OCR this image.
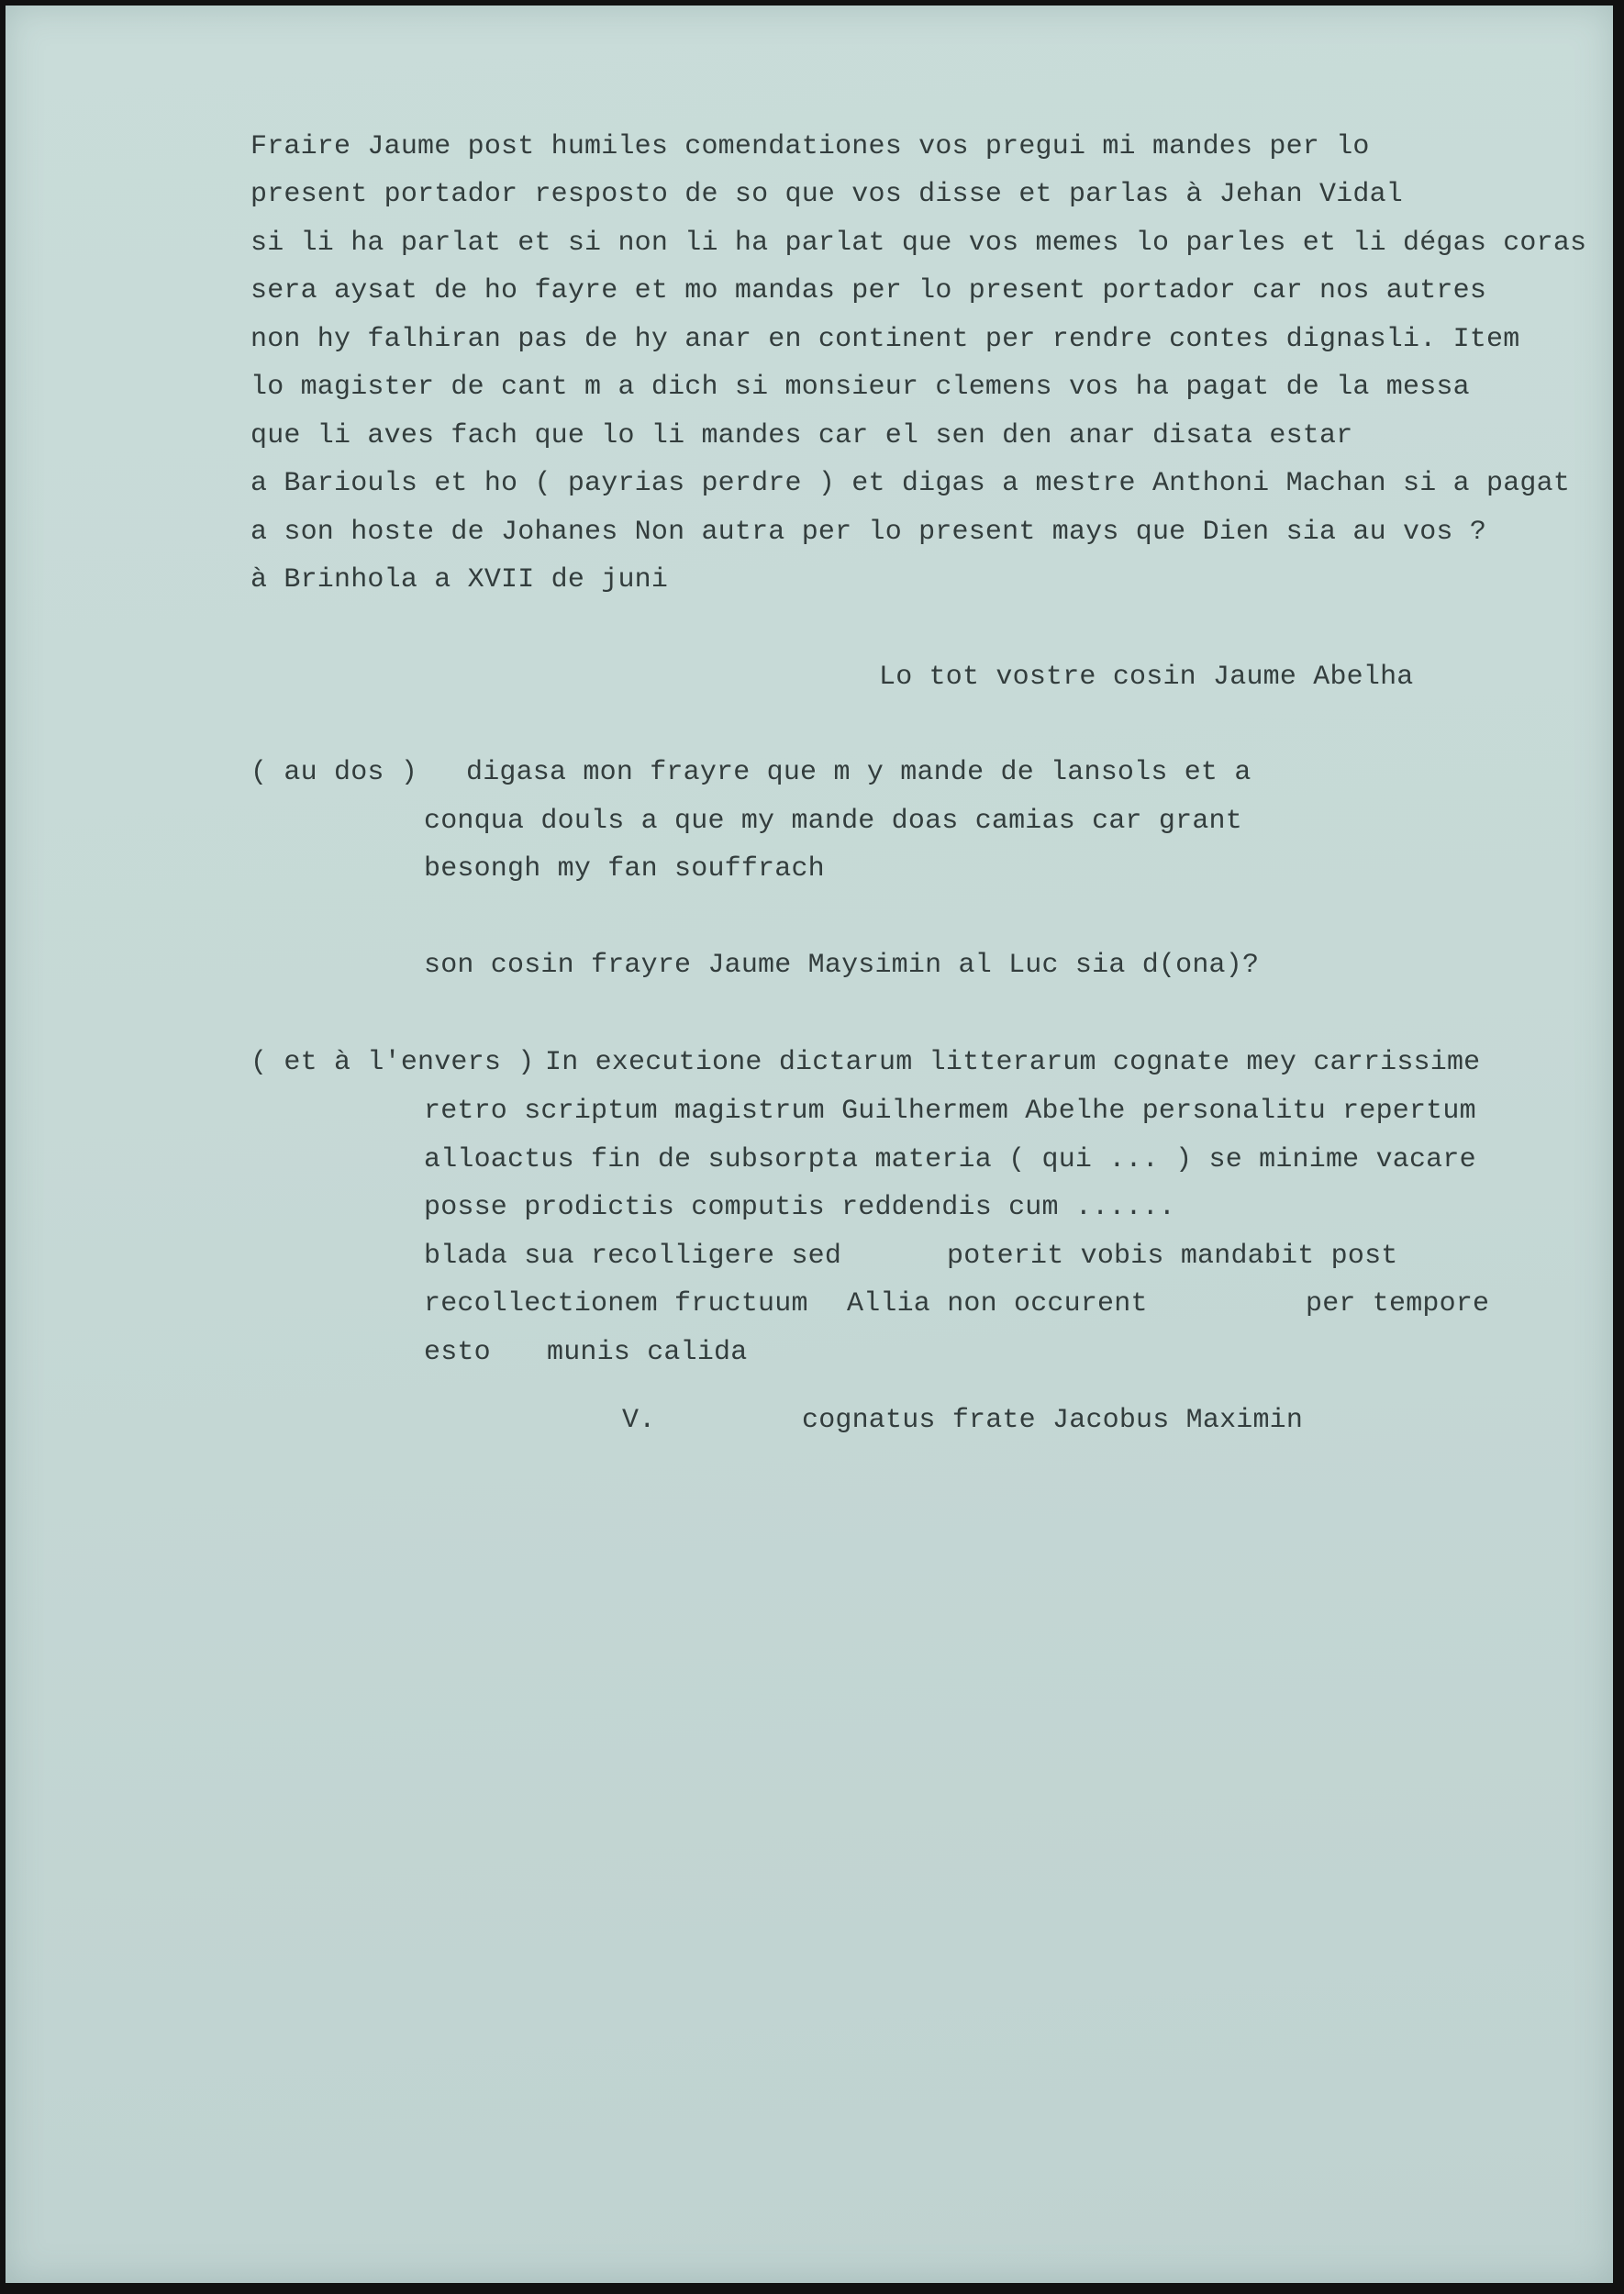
Fraire Jaume post humiles comendationes vos pregui mi mandes per lo
present portador resposto de so que vos disse et parlas à Jehan Vidal
si li ha parlat et si non li ha parlat que vos memes lo parles et li dégas coras
sera aysat de ho fayre et mo mandas per lo present portador car nos autres
non hy falhiran pas de hy anar en continent per rendre contes dignasli. Item
lo magister de cant m a dich si monsieur clemens vos ha pagat de la messa
que li aves fach que lo li mandes car el sen den anar disata estar
a Bariouls et ho ( payrias perdre ) et digas a mestre Anthoni Machan si a pagat
a son hoste de Johanes Non autra per lo present mays que Dien sia au vos ?
à Brinhola a XVII de juni
Lo tot vostre cosin Jaume Abelha
( au dos ) digasa mon frayre que m y mande de lansols et a
conqua douls a que my mande doas camias car grant
besongh my fan souffrach
son cosin frayre Jaume Maysimin al Luc sia d(ona)?
( et à l'envers ) In executione dictarum litterarum cognate mey carrissime
retro scriptum magistrum Guilhermem Abelhe personalitu repertum
alloactus fin de subsorpta materia ( qui ... ) se minime vacare
posse prodictis computis reddendis cum ......
blada sua recolligere sed	poterit vobis mandabit post
recollectionem fructuum Allia non occurent	per tempore
esto munis calida
V.	cognatus frate Jacobus Maximin
